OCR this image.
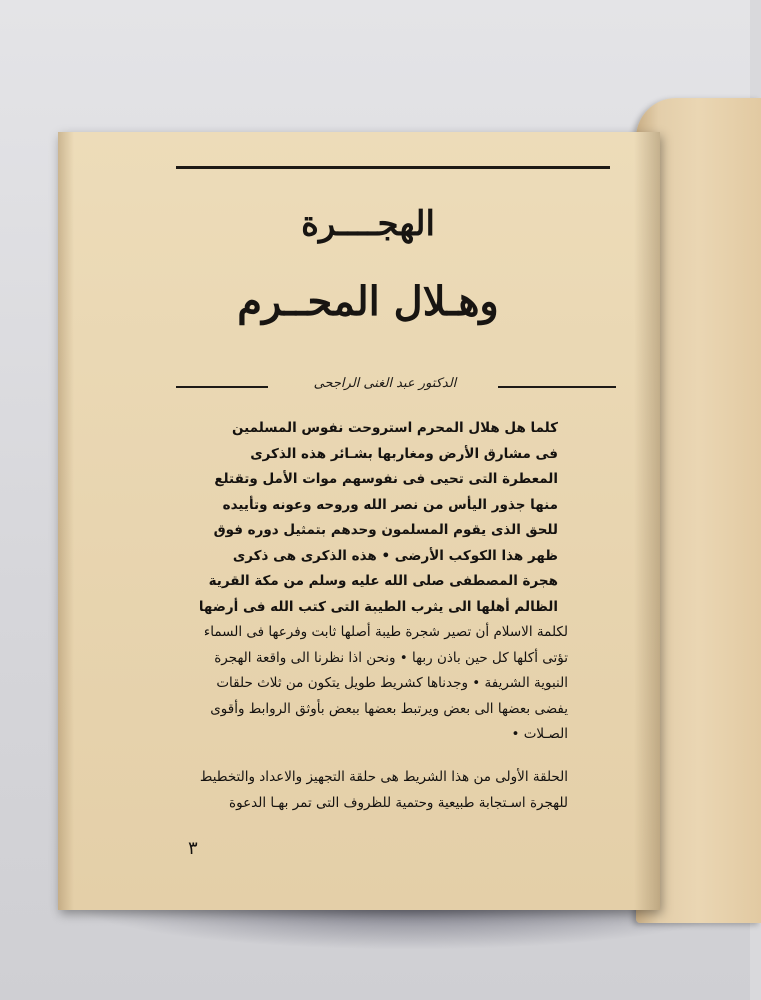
الهجــــرة
وهـلال المحــرم
الدكتور عبد الغنى الراجحى
كلما هل هلال المحرم استروحت نفوس المسلمين
فى مشارق الأرض ومغاربها بشـائر هذه الذكرى
المعطرة التى تحيى فى نفوسهم موات الأمل وتقتلع
منها جذور اليأس من نصر الله وروحه وعونه وتأييده
للحق الذى يقوم المسلمون وحدهم بتمثيل دوره فوق
ظهر هذا الكوكب الأرضى • هذه الذكرى هى ذكرى
هجرة المصطفى صلى الله عليه وسلم من مكة القرية
الظالم أهلها الى يثرب الطيبة التى كتب الله فى أرضها
لكلمة الاسلام أن تصير شجرة طيبة أصلها ثابت وفرعها فى السماء
تؤتى أكلها كل حين باذن ربها • ونحن اذا نظرنا الى واقعة الهجرة
النبوية الشريفة • وجدناها كشريط طويل يتكون من ثلاث حلقات
يفضى بعضها الى بعض ويرتبط بعضها ببعض بأوثق الروابط وأقوى
الصـلات •
الحلقة الأولى من هذا الشريط هى حلقة التجهيز والاعداد والتخطيط
للهجرة اسـتجابة طبيعية وحتمية للظروف التى تمر بهـا الدعوة
٣
